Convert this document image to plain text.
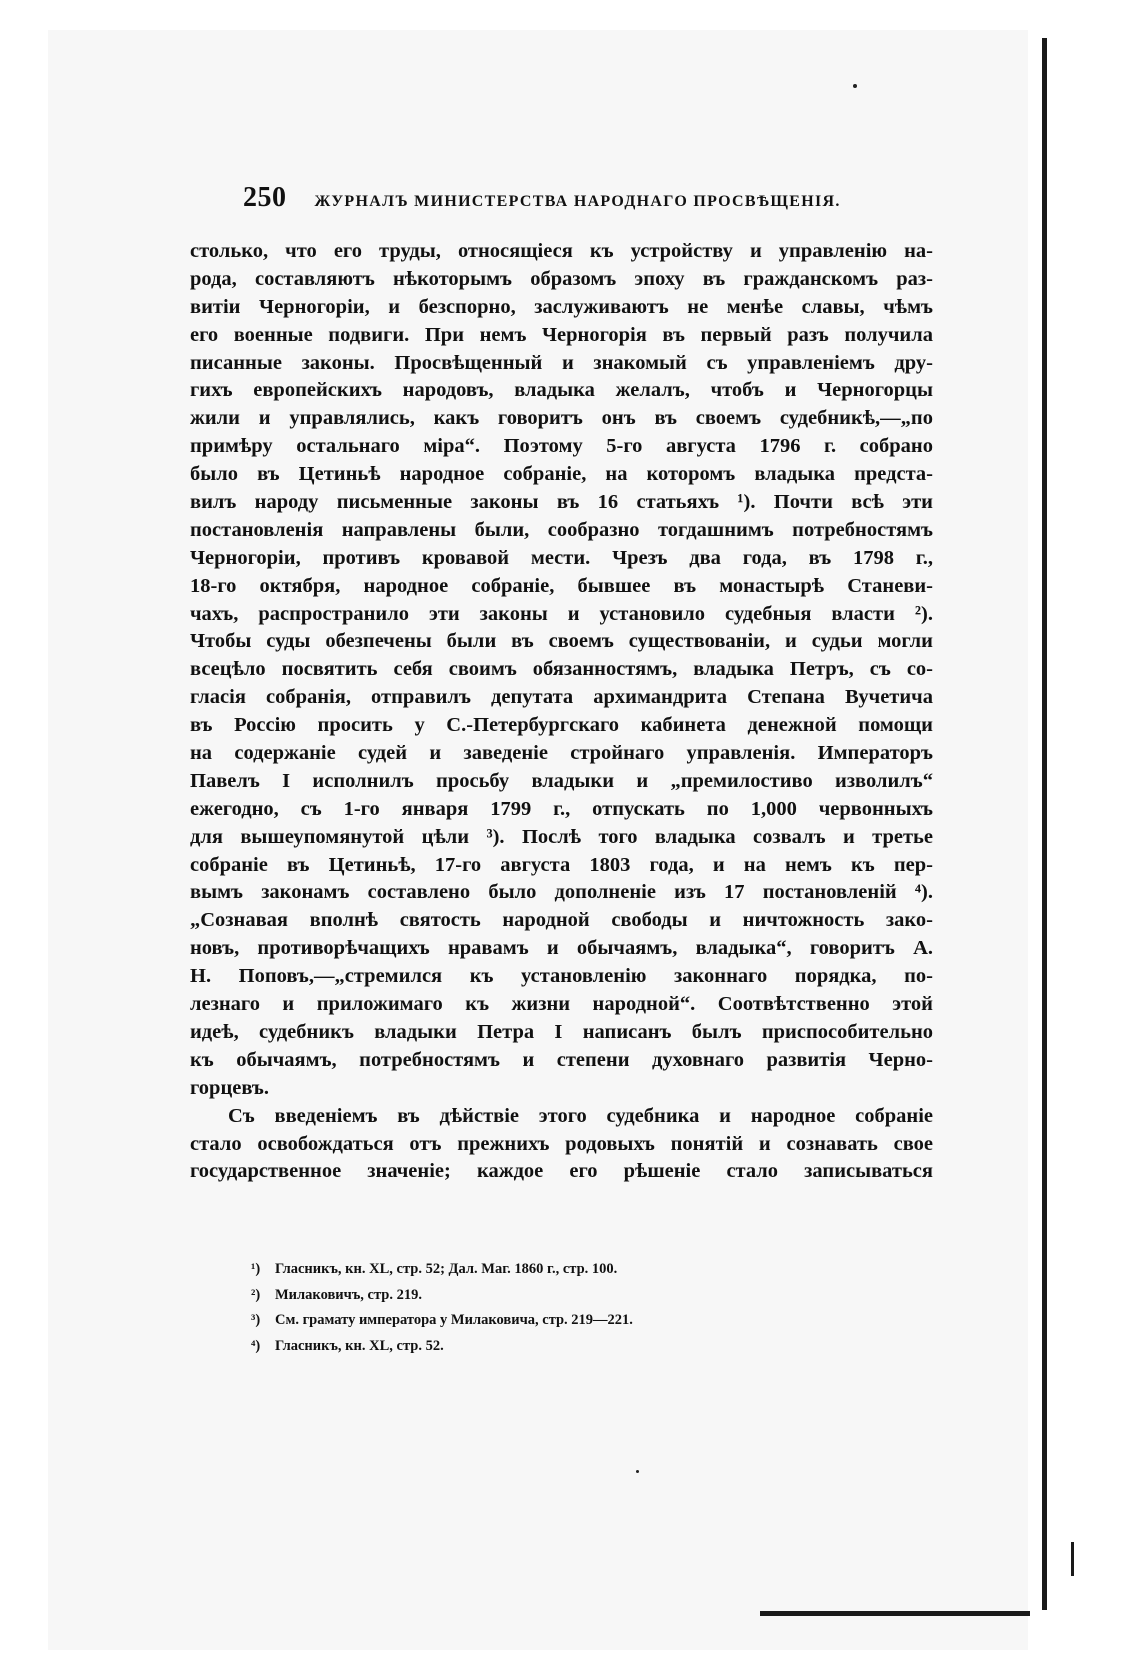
250 ЖУРНАЛЪ МИНИСТЕРСТВА НАРОДНАГО ПРОСВѢЩЕНІЯ.
столько, что его труды, относящіеся къ устройству и управленію на-
рода, составляютъ нѣкоторымъ образомъ эпоху въ гражданскомъ раз-
витіи Черногоріи, и безспорно, заслуживаютъ не менѣе славы, чѣмъ
его военные подвиги. При немъ Черногорія въ первый разъ получила
писанные законы. Просвѣщенный и знакомый съ управленіемъ дру-
гихъ европейскихъ народовъ, владыка желалъ, чтобъ и Черногорцы
жили и управлялись, какъ говоритъ онъ въ своемъ судебникѣ,—„по
примѣру остальнаго міра“. Поэтому 5-го августа 1796 г. собрано
было въ Цетиньѣ народное собраніе, на которомъ владыка предста-
вилъ народу письменные законы въ 16 статьяхъ ¹). Почти всѣ эти
постановленія направлены были, сообразно тогдашнимъ потребностямъ
Черногоріи, противъ кровавой мести. Чрезъ два года, въ 1798 г.,
18-го октября, народное собраніе, бывшее въ монастырѣ Станеви-
чахъ, распространило эти законы и установило судебныя власти ²).
Чтобы суды обезпечены были въ своемъ существованіи, и судьи могли
всецѣло посвятить себя своимъ обязанностямъ, владыка Петръ, съ со-
гласія собранія, отправилъ депутата архимандрита Степана Вучетича
въ Россію просить у С.-Петербургскаго кабинета денежной помощи
на содержаніе судей и заведеніе стройнаго управленія. Императоръ
Павелъ I исполнилъ просьбу владыки и „премилостиво изволилъ“
ежегодно, съ 1-го января 1799 г., отпускать по 1,000 червонныхъ
для вышеупомянутой цѣли ³). Послѣ того владыка созвалъ и третье
собраніе въ Цетиньѣ, 17-го августа 1803 года, и на немъ къ пер-
вымъ законамъ составлено было дополненіе изъ 17 постановленій ⁴).
„Сознавая вполнѣ святость народной свободы и ничтожность зако-
новъ, противорѣчащихъ нравамъ и обычаямъ, владыка“, говоритъ А.
Н. Поповъ,—„стремился къ установленію законнаго порядка, по-
лезнаго и приложимаго къ жизни народной“. Соотвѣтственно этой
идеѣ, судебникъ владыки Петра I написанъ былъ приспособительно
къ обычаямъ, потребностямъ и степени духовнаго развитія Черно-
горцевъ.
Съ введеніемъ въ дѣйствіе этого судебника и народное собраніе
стало освобождаться отъ прежнихъ родовыхъ понятій и сознавать свое
государственное значеніе; каждое его рѣшеніе стало записываться
¹) Гласникъ, кн. XL, стр. 52; Дал. Маг. 1860 г., стр. 100.
²) Милаковичъ, стр. 219.
³) См. грамату императора у Милаковича, стр. 219—221.
⁴) Гласникъ, кн. XL, стр. 52.
